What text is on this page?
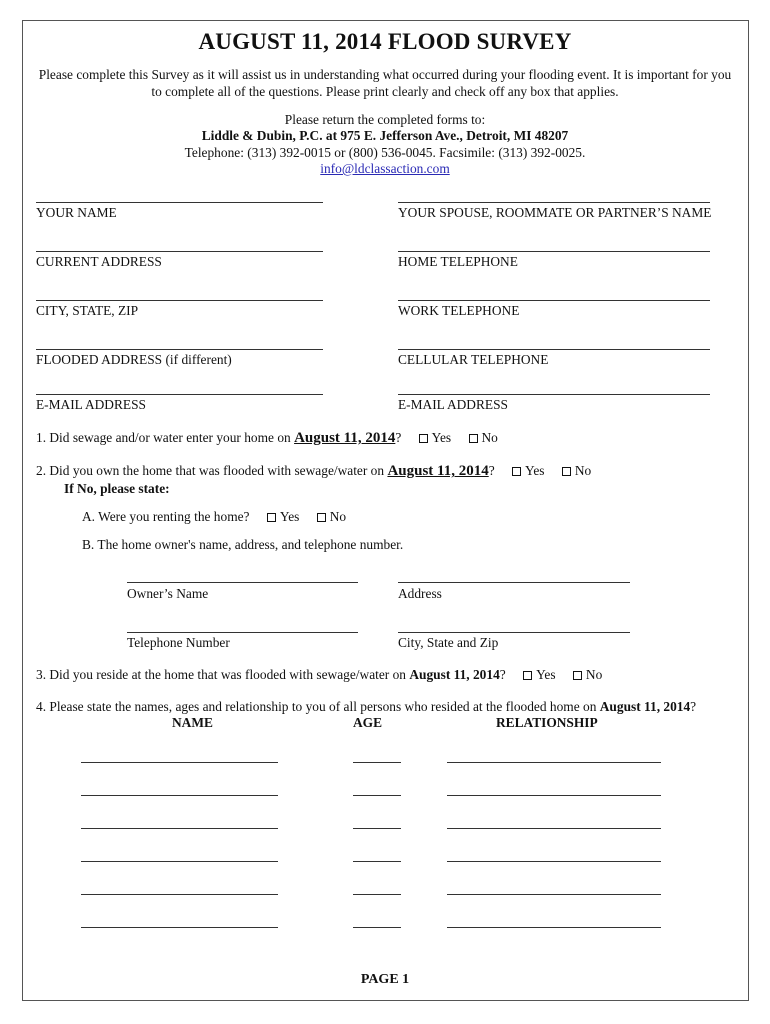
AUGUST 11, 2014 FLOOD SURVEY
Please complete this Survey as it will assist us in understanding what occurred during your flooding event. It is important for you to complete all of the questions. Please print clearly and check off any box that applies.
Please return the completed forms to:
Liddle & Dubin, P.C. at 975 E. Jefferson Ave., Detroit, MI 48207
Telephone: (313) 392-0015 or (800) 536-0045. Facsimile: (313) 392-0025.
info@ldclassaction.com
YOUR NAME	YOUR SPOUSE, ROOMMATE OR PARTNER’S NAME
CURRENT ADDRESS	HOME TELEPHONE
CITY, STATE, ZIP	WORK TELEPHONE
FLOODED ADDRESS (if different)	CELLULAR TELEPHONE
E-MAIL ADDRESS	E-MAIL ADDRESS
1. Did sewage and/or water enter your home on August 11, 2014? Yes No
2. Did you own the home that was flooded with sewage/water on August 11, 2014? Yes No
If No, please state:
A. Were you renting the home? Yes No
B. The home owner's name, address, and telephone number.
Owner’s Name	Address
Telephone Number	City, State and Zip
3. Did you reside at the home that was flooded with sewage/water on August 11, 2014? Yes No
4. Please state the names, ages and relationship to you of all persons who resided at the flooded home on August 11, 2014?
NAME	AGE	RELATIONSHIP
PAGE 1
